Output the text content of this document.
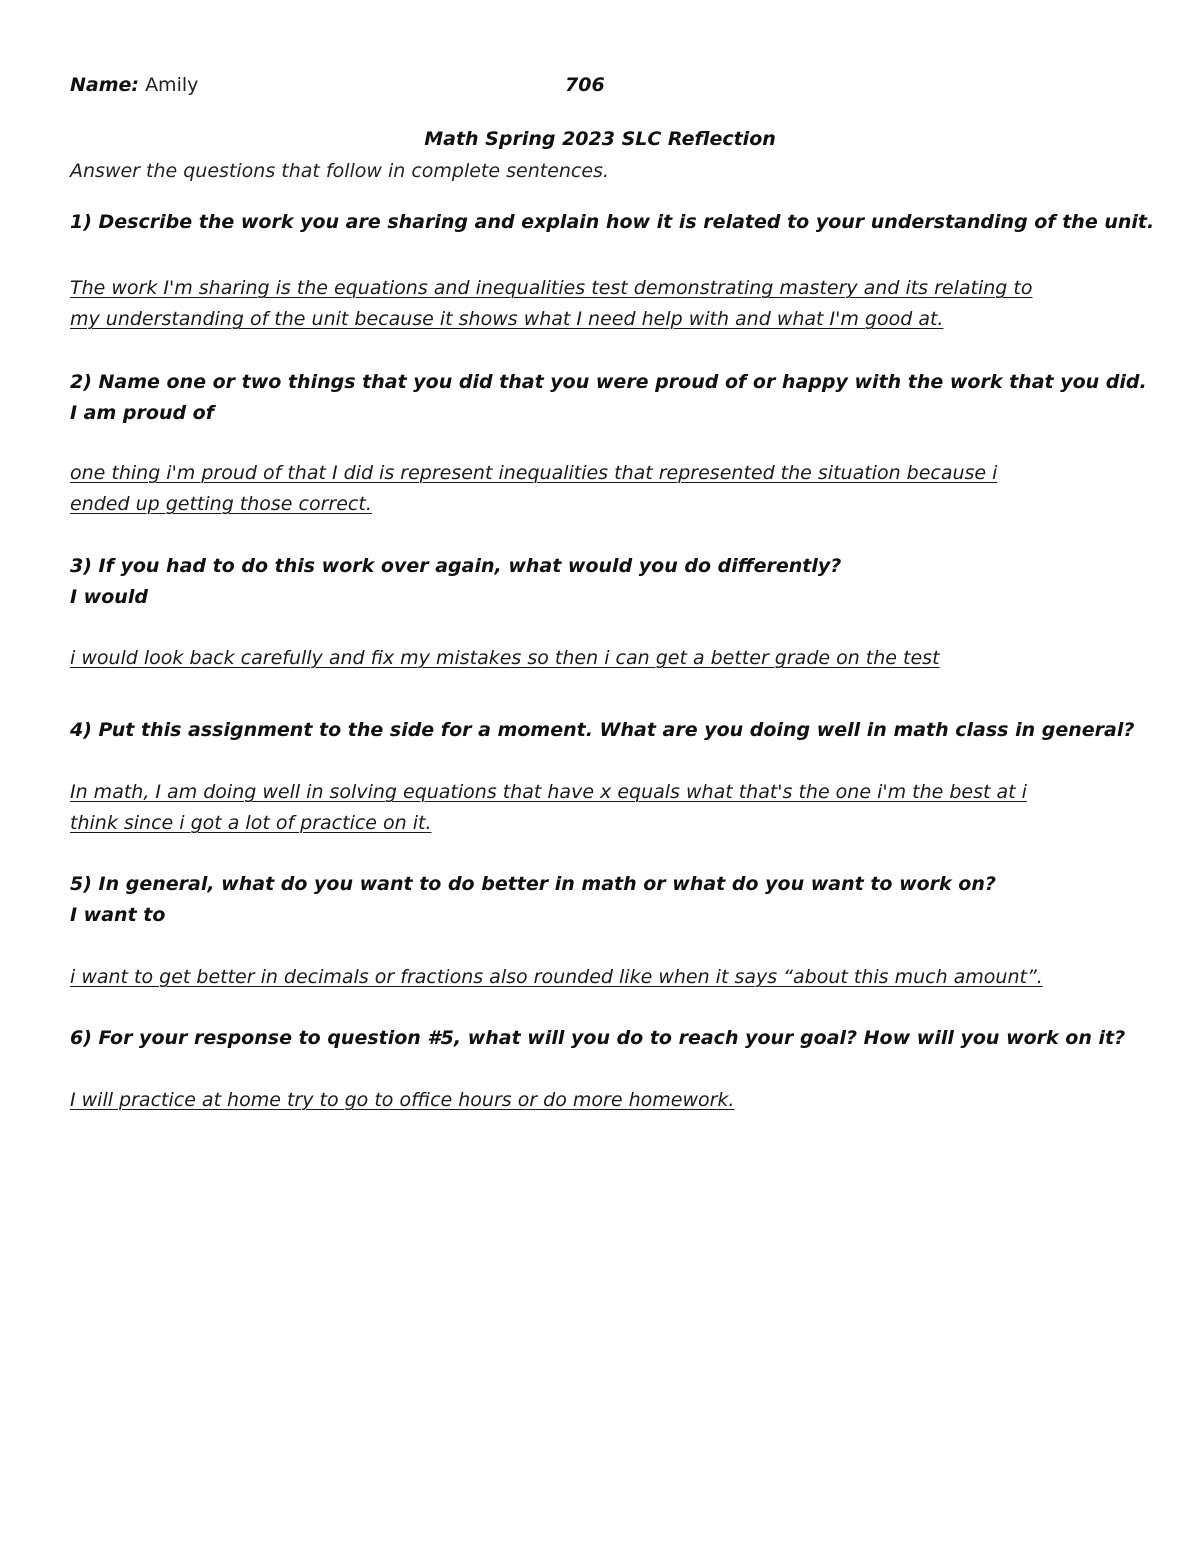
Name: Amily	706
Math Spring 2023 SLC Reflection
Answer the questions that follow in complete sentences.
1) Describe the work you are sharing and explain how it is related to your understanding of the unit.
The work I'm sharing is the equations and inequalities test demonstrating mastery and its relating to
my understanding of the unit because it shows what I need help with and what I'm good at.
2) Name one or two things that you did that you were proud of or happy with the work that you did.
I am proud of
one thing i'm proud of that I did is represent inequalities that represented the situation because i
ended up getting those correct.
3) If you had to do this work over again, what would you do differently?
I would
i would look back carefully and fix my mistakes so then i can get a better grade on the test
4) Put this assignment to the side for a moment. What are you doing well in math class in general?
In math, I am doing well in solving equations that have x equals what that's the one i'm the best at i
think since i got a lot of practice on it.
5) In general, what do you want to do better in math or what do you want to work on?
I want to
i want to get better in decimals or fractions also rounded like when it says “about this much amount”.
6) For your response to question #5, what will you do to reach your goal? How will you work on it?
I will practice at home try to go to office hours or do more homework.
